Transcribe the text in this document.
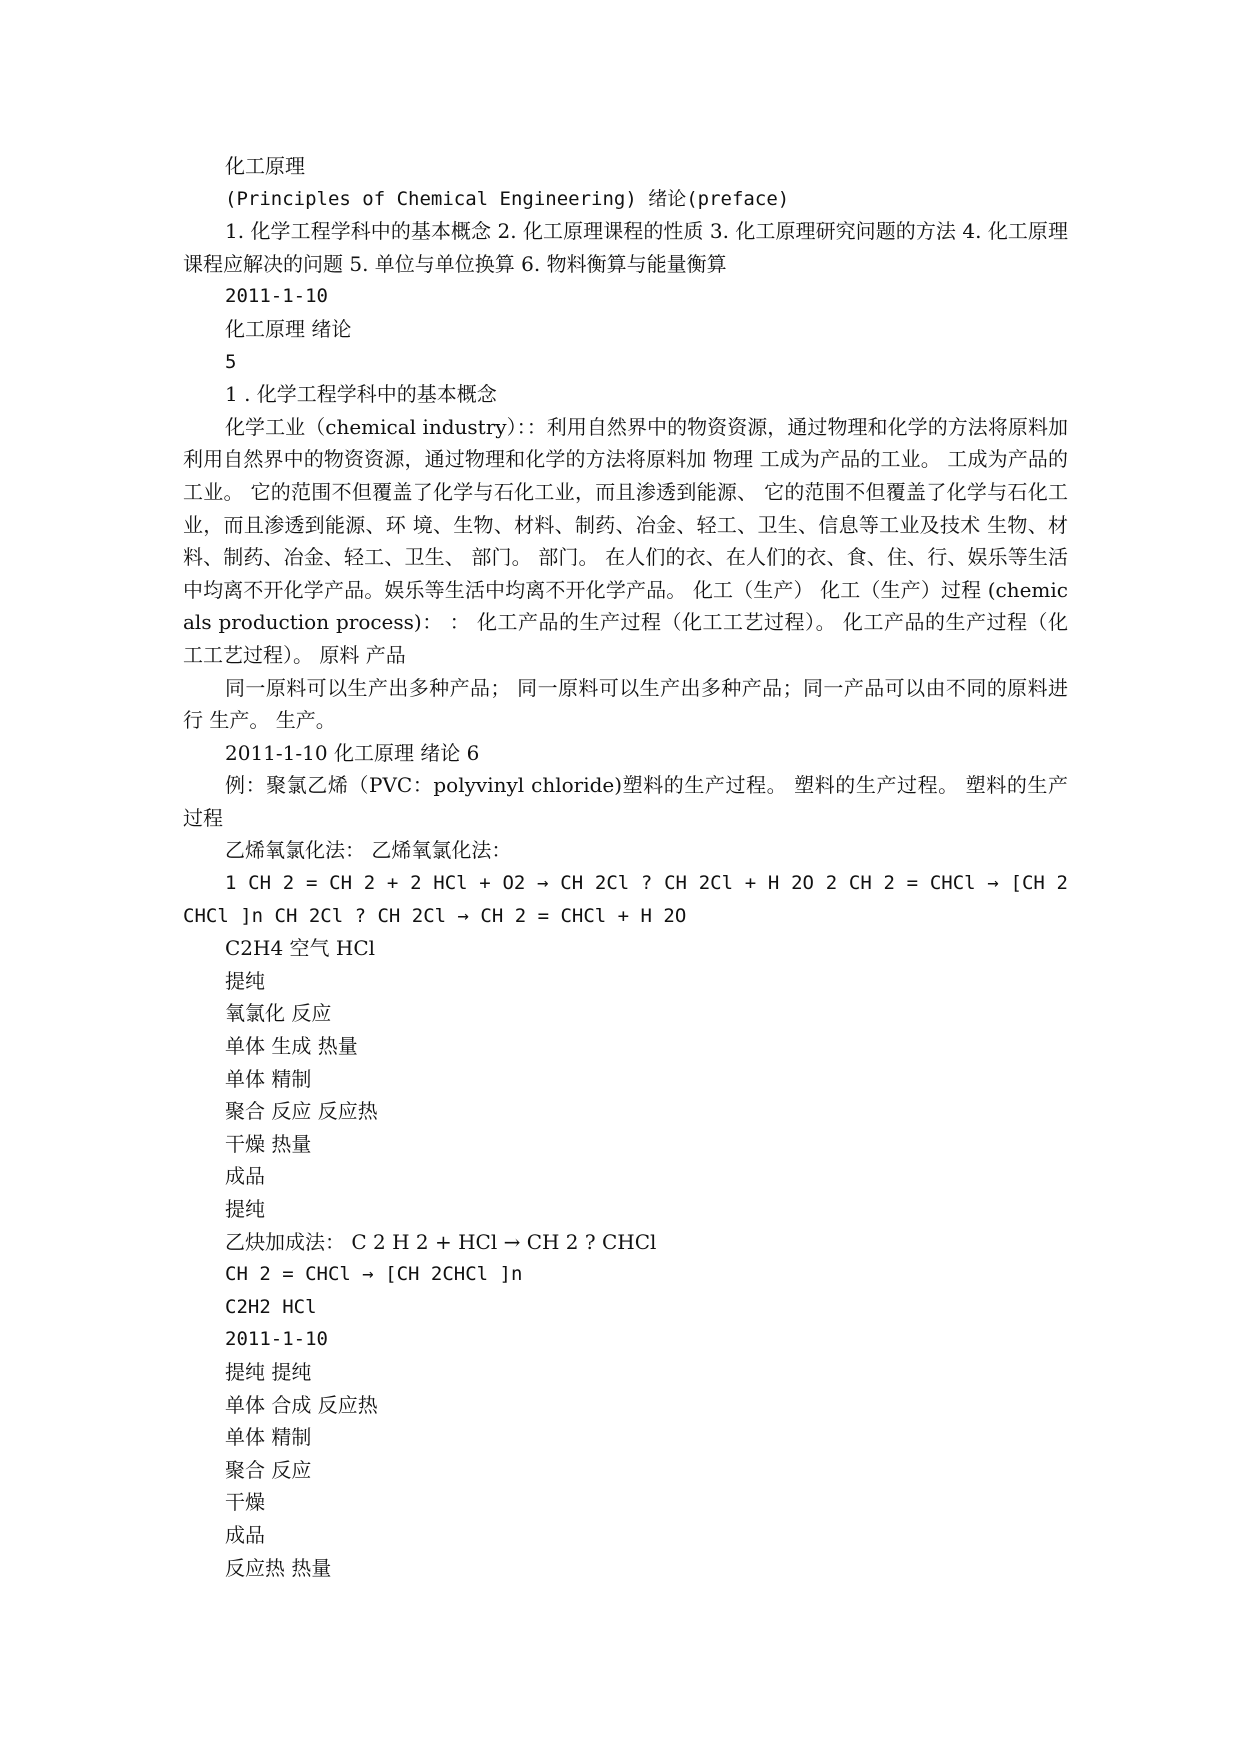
化工原理

(Principles of Chemical Engineering) 绪论(preface)

1. 化学工程学科中的基本概念 2. 化工原理课程的性质 3. 化工原理研究问题的方法 4. 化工原理课程应解决的问题 5. 单位与单位换算 6. 物料衡算与能量衡算

2011-1-10

化工原理 绪论

5

1 . 化学工程学科中的基本概念

化学工业（chemical industry）：：利用自然界中的物资资源，通过物理和化学的方法将原料加 利用自然界中的物资资源，通过物理和化学的方法将原料加 物理 工成为产品的工业。 工成为产品的工业。 它的范围不但覆盖了化学与石化工业，而且渗透到能源、 它的范围不但覆盖了化学与石化工业，而且渗透到能源、环 境、生物、材料、制药、冶金、轻工、卫生、信息等工业及技术 生物、材料、制药、冶金、轻工、卫生、 部门。 部门。 在人们的衣、在人们的衣、食、住、行、娱乐等生活中均离不开化学产品。娱乐等生活中均离不开化学产品。 化工（生产） 化工（生产）过程 (chemicals production process)： ： 化工产品的生产过程（化工工艺过程）。 化工产品的生产过程（化工工艺过程）。 原料 产品

同一原料可以生产出多种产品； 同一原料可以生产出多种产品；同一产品可以由不同的原料进行 生产。 生产。

2011-1-10 化工原理 绪论 6

例：聚氯乙烯（PVC：polyvinyl chloride)塑料的生产过程。 塑料的生产过程。 塑料的生产过程

乙烯氧氯化法： 乙烯氧氯化法：

1 CH 2 = CH 2 + 2 HCl + O2 → CH 2Cl ? CH 2Cl + H 2O 2 CH 2 = CHCl → [CH 2CHCl ]n CH 2Cl ? CH 2Cl → CH 2 = CHCl + H 2O

C2H4 空气 HCl

提纯

氧氯化 反应

单体 生成 热量

单体 精制

聚合 反应 反应热

干燥 热量

成品

提纯

乙炔加成法： C 2 H 2 + HCl → CH 2 ? CHCl

CH 2 = CHCl → [CH 2CHCl ]n

C2H2 HCl

2011-1-10

提纯 提纯

单体 合成 反应热

单体 精制

聚合 反应

干燥

成品

反应热 热量
